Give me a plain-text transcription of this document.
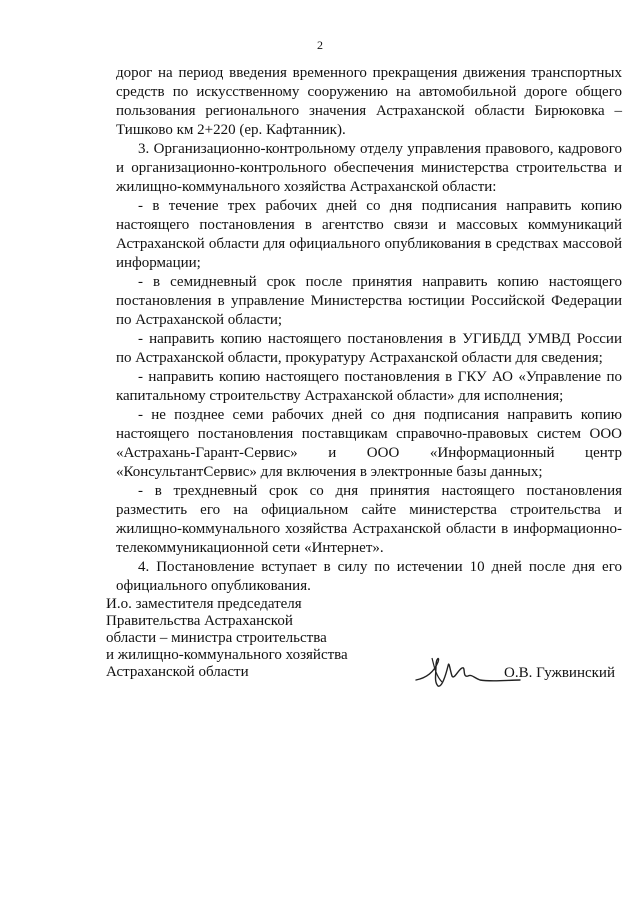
2

дорог на период введения временного прекращения движения транспортных средств по искусственному сооружению на автомобильной дороге общего пользования регионального значения Астраханской области Бирюковка – Тишково км 2+220 (ер. Кафтанник).

3. Организационно-контрольному отделу управления правового, кадрового и организационно-контрольного обеспечения министерства строительства и жилищно-коммунального хозяйства Астраханской области:

- в течение трех рабочих дней со дня подписания направить копию настоящего постановления в агентство связи и массовых коммуникаций Астраханской области для официального опубликования в средствах массовой информации;

- в семидневный срок после принятия направить копию настоящего постановления в управление Министерства юстиции Российской Федерации по Астраханской области;

- направить копию настоящего постановления в УГИБДД УМВД России по Астраханской области, прокуратуру Астраханской области для сведения;

- направить копию настоящего постановления в ГКУ АО «Управление по капитальному строительству Астраханской области» для исполнения;

- не позднее семи рабочих дней со дня подписания направить копию настоящего постановления поставщикам справочно-правовых систем ООО «Астрахань-Гарант-Сервис» и ООО «Информационный центр «КонсультантСервис» для включения в электронные базы данных;

- в трехдневный срок со дня принятия настоящего постановления разместить его на официальном сайте министерства строительства и жилищно-коммунального хозяйства Астраханской области в информационно-телекоммуникационной сети «Интернет».

4. Постановление вступает в силу по истечении 10 дней после дня его официального опубликования.

И.о. заместителя председателя
Правительства Астраханской
области – министра строительства
и жилищно-коммунального хозяйства
Астраханской области	О.В. Гужвинский
